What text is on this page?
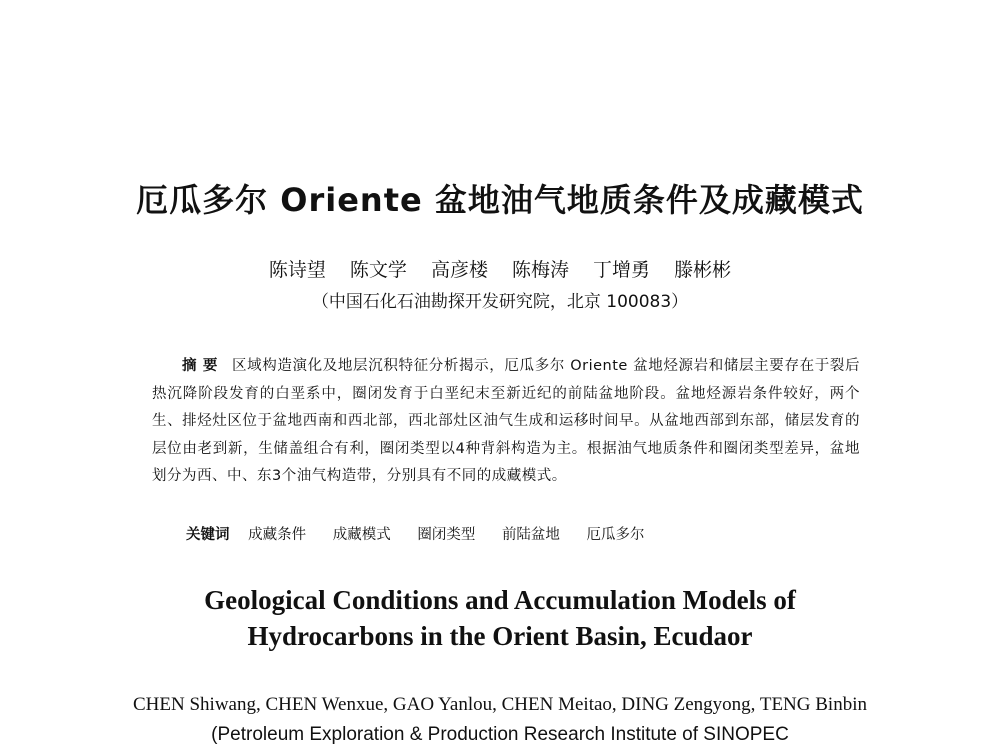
厄瓜多尔 Oriente 盆地油气地质条件及成藏模式
陈诗望 陈文学 高彦楼 陈梅涛 丁增勇 滕彬彬
（中国石化石油勘探开发研究院，北京 100083）
摘 要 区域构造演化及地层沉积特征分析揭示，厄瓜多尔 Oriente 盆地烃源岩和储层主要存在于裂后热沉降阶段发育的白垩系中，圈闭发育于白垩纪末至新近纪的前陆盆地阶段。盆地烃源岩条件较好，两个生、排烃灶区位于盆地西南和西北部，西北部灶区油气生成和运移时间早。从盆地西部到东部，储层发育的层位由老到新，生储盖组合有利，圈闭类型以4种背斜构造为主。根据油气地质条件和圈闭类型差异，盆地划分为西、中、东3个油气构造带，分别具有不同的成藏模式。
关键词 成藏条件 成藏模式 圈闭类型 前陆盆地 厄瓜多尔
Geological Conditions and Accumulation Models of
Hydrocarbons in the Orient Basin, Ecudaor
CHEN Shiwang, CHEN Wenxue, GAO Yanlou, CHEN Meitao, DING Zengyong, TENG Binbin
(Petroleum Exploration & Production Research Institute of SINOPEC
